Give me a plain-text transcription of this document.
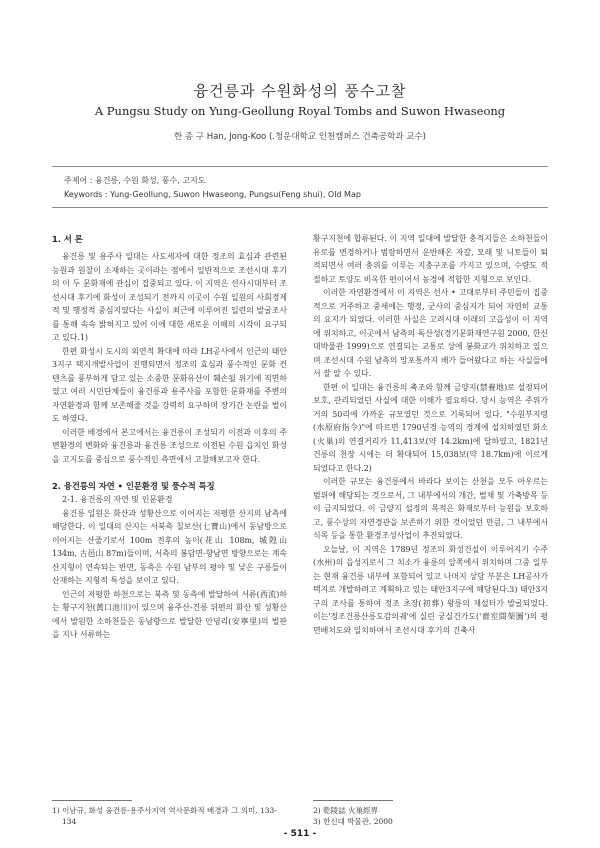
융건릉과 수원화성의 풍수고찰
A Pungsu Study on Yung-Geollung Royal Tombs and Suwon Hwaseong
한 종 구 Han, Jong-Koo (.청운대학교 인천캠퍼스 건축공학과 교수)
주제어 : 융건릉, 수원 화성, 풍수, 고지도
Keywords : Yung-Geollung, Suwon Hwaseong, Pungsu(Feng shui), Old Map
1. 서 론

융건릉 및 용주사 일대는 사도세자에 대한 정조의 효심과 관련된 능원과 원찰이 소재하는 곳이라는 점에서 일반적으로 조선시대 후기의 이 두 문화재에 관심이 집중되고 있다. 이 지역은 선사시대부터 조선시대 후기에 화성이 조성되기 전까지 이곳이 수원 일원의 사회경제적 및 행정적 중심지였다는 사실이 최근에 이루어진 일련의 발굴조사를 통해 속속 밝혀지고 있어 이에 대한 새로운 이해의 시각이 요구되고 있다.1)

한편 화성시 도시의 외연적 확대에 따라 LH공사에서 인근의 태안 3지구 택지개발사업이 진행되면서 정조의 효심과 풍수적인 문화 컨텐츠를 풍부하게 담고 있는 소중한 문화유산이 훼손될 위기에 직면하였고 여러 시민단체들이 융건릉과 용주사를 포함한 문화재를 주변의 자연환경과 함께 보존해줄 것을 강력히 요구하며 장기간 논란을 벌이도 하였다.

이러한 배경에서 본고에서는 융건릉이 조성되기 이전과 이후의 주변환경의 변화와 융건릉과 융건릉 조성으로 이전된 수원 읍치인 화성을 고지도를 중심으로 풍수적인 측면에서 고찰해보고자 한다.

2. 융건릉의 자연 • 인문환경 및 풍수적 특징
2-1. 융건릉의 자연 및 인문환경

융건릉 일원은 화산과 성황산으로 이어지는 저평한 산지의 남측에 해당한다. 이 일대의 산지는 서북측 칠보산(七寶山)에서 동남방으로 이어지는 산줄기로서 100m 전후의 높이(花山 108m, 城隍山 134m, 古邑山 87m)들이며, 서측의 봉담면-향남면 방향으로는 계속 산지형이 연속되는 반면, 동측은 수원 남부의 평야 및 낮은 구릉들이 산재하는 지형적 특성을 보이고 있다.

인근의 저평한 하천으로는 북측 및 동측에 발달하여 서류(西流)하는 황구지천(黃口池川)이 있으며 융주산-건릉 뒤편의 화산 및 성황산에서 발원한 소하천들은 동남향으로 발달한 안녕리(安寧里)의 벌판을 지나 서류하는

황구지천에 합류된다. 이 지역 일대에 발달한 충적지들은 소하천들이 유로를 변경하거나 범람하면서 운반해온 자갈, 모래 및 니토들이 퇴적되면서 여러 충위를 이루는 지충구조를 가지고 있으며, 수량도 적절하고 토양도 비옥한 편이어서 농경에 적합한 지형으로 보인다.

이러한 자연환경에서 이 지역은 선사 • 고대로부터 주민들이 집중적으로 거주하고 중세에는 행정, 군사의 중심지가 되어 자연히 교통의 요지가 되었다. 이러한 사실은 고려시대 이래의 고읍성이 이 지역에 위치하고, 이곳에서 남측의 독산성(경기문화재연구원 2000, 한신대박물관 1999)으로 연결되는 교통로 상에 봉화교가 위치하고 있으며 조선시대 수원 남측의 망포통까지 배가 들어왔다고 하는 사실들에서 잘 알 수 있다.

한편 이 일대는 융건릉의 축조와 함께 금양지(禁養地)로 설정되어 보호, 관리되었던 사실에 대한 이해가 필요하다. 당시 능역은 주위가 거의 50리에 가까운 규모였던 것으로 기록되어 있다. "수원부지령(水原府指令)"에 따르면 1790년경 능역의 경계에 설치하였던 화소(火巢)의 연결거리가 11,413보(약 14.2km)에 달하였고, 1821년 건릉의 천장 시에는 더 확대되어 15,038보(약 18.7km)에 이르게 되었다고 한다.2)

이러한 규모는 융건릉에서 바라다 보이는 산천을 모두 아우르는 범위에 해당되는 것으로서, 그 내부에서의 개간, 벌채 및 가축방목 등이 금지되었다. 이 금양지 설정의 목적은 화재로부터 능원을 보호하고, 풍수상의 자연경관을 보존하기 위한 것이었던 만큼, 그 내부에서 식목 등을 통한 환경조성사업이 추진되었다.

오늘날, 이 지역은 1789년 정조의 화성건설이 이루어지기 수주(水州)의 읍성지로서 그 치소가 융릉의 앞쪽에서 위치하며 그중 일부는 현재 융건릉 내부에 포함되어 있고 나머지 상당 부분은 LH공사가 택지로 개발하려고 계획하고 있는 태안3지구에 해당된다.3) 태안3지구의 조사를 통하여 정조 초장(初葬) 왕릉의 재설터가 발굴되었다. 이는'정조건릉산릉도감의궤'에 실린 궁실건가도('齋室間架圖')의 평면배치도와 일치하여서 조선시대 후기의 건축사

1) 이남규, 화성 융건릉-용주사지역 역사문화적 배경과 그 의미, 133-134
2) 乾陵誌 火巢經界
3) 한신대 박물관, 2000
- 511 -
